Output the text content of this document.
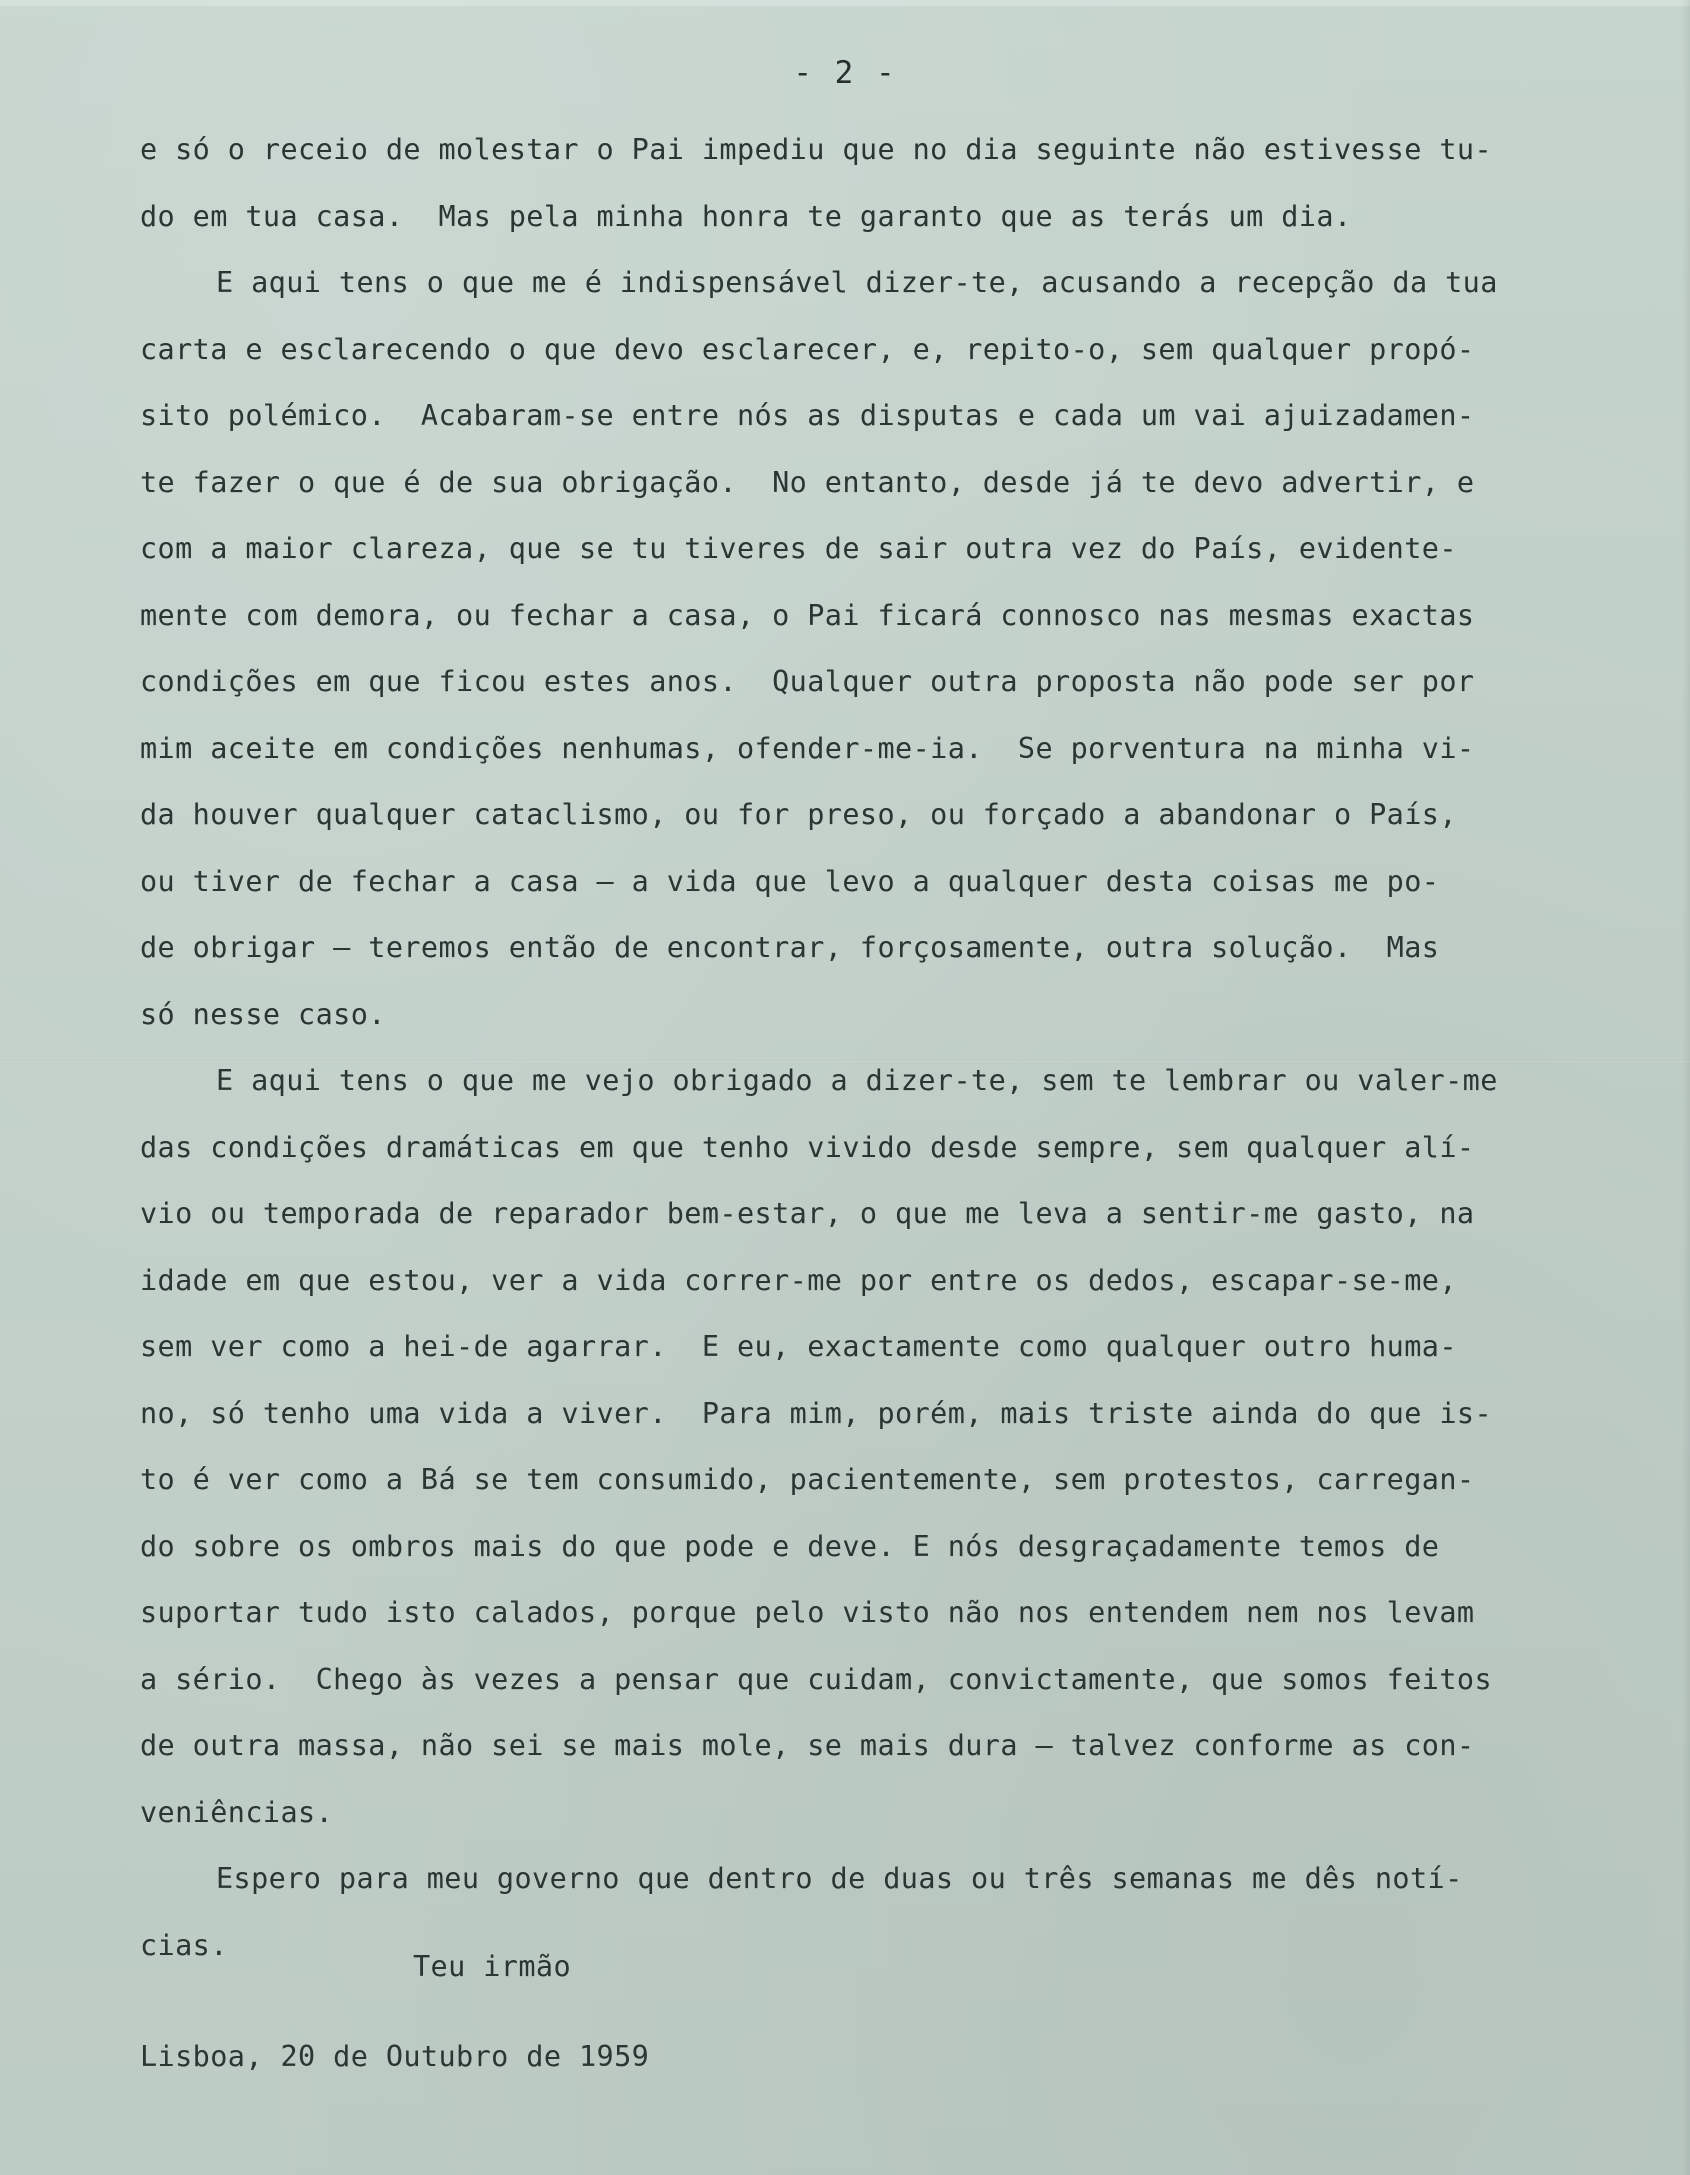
- 2 -
e só o receio de molestar o Pai impediu que no dia seguinte não estivesse tu-
do em tua casa.  Mas pela minha honra te garanto que as terás um dia.
E aqui tens o que me é indispensável dizer-te, acusando a recepção da tua
carta e esclarecendo o que devo esclarecer, e, repito-o, sem qualquer propó-
sito polémico.  Acabaram-se entre nós as disputas e cada um vai ajuizadamen-
te fazer o que é de sua obrigação.  No entanto, desde já te devo advertir, e
com a maior clareza, que se tu tiveres de sair outra vez do País, evidente-
mente com demora, ou fechar a casa, o Pai ficará connosco nas mesmas exactas
condições em que ficou estes anos.  Qualquer outra proposta não pode ser por
mim aceite em condições nenhumas, ofender-me-ia.  Se porventura na minha vi-
da houver qualquer cataclismo, ou for preso, ou forçado a abandonar o País,
ou tiver de fechar a casa — a vida que levo a qualquer desta coisas me po-
de obrigar — teremos então de encontrar, forçosamente, outra solução.  Mas
só nesse caso.
E aqui tens o que me vejo obrigado a dizer-te, sem te lembrar ou valer-me
das condições dramáticas em que tenho vivido desde sempre, sem qualquer alí-
vio ou temporada de reparador bem-estar, o que me leva a sentir-me gasto, na
idade em que estou, ver a vida correr-me por entre os dedos, escapar-se-me,
sem ver como a hei-de agarrar.  E eu, exactamente como qualquer outro huma-
no, só tenho uma vida a viver.  Para mim, porém, mais triste ainda do que is-
to é ver como a Bá se tem consumido, pacientemente, sem protestos, carregan-
do sobre os ombros mais do que pode e deve. E nós desgraçadamente temos de
suportar tudo isto calados, porque pelo visto não nos entendem nem nos levam
a sério.  Chego às vezes a pensar que cuidam, convictamente, que somos feitos
de outra massa, não sei se mais mole, se mais dura — talvez conforme as con-
veniências.
Espero para meu governo que dentro de duas ou três semanas me dês notí-
cias.
Teu irmão
Lisboa, 20 de Outubro de 1959
